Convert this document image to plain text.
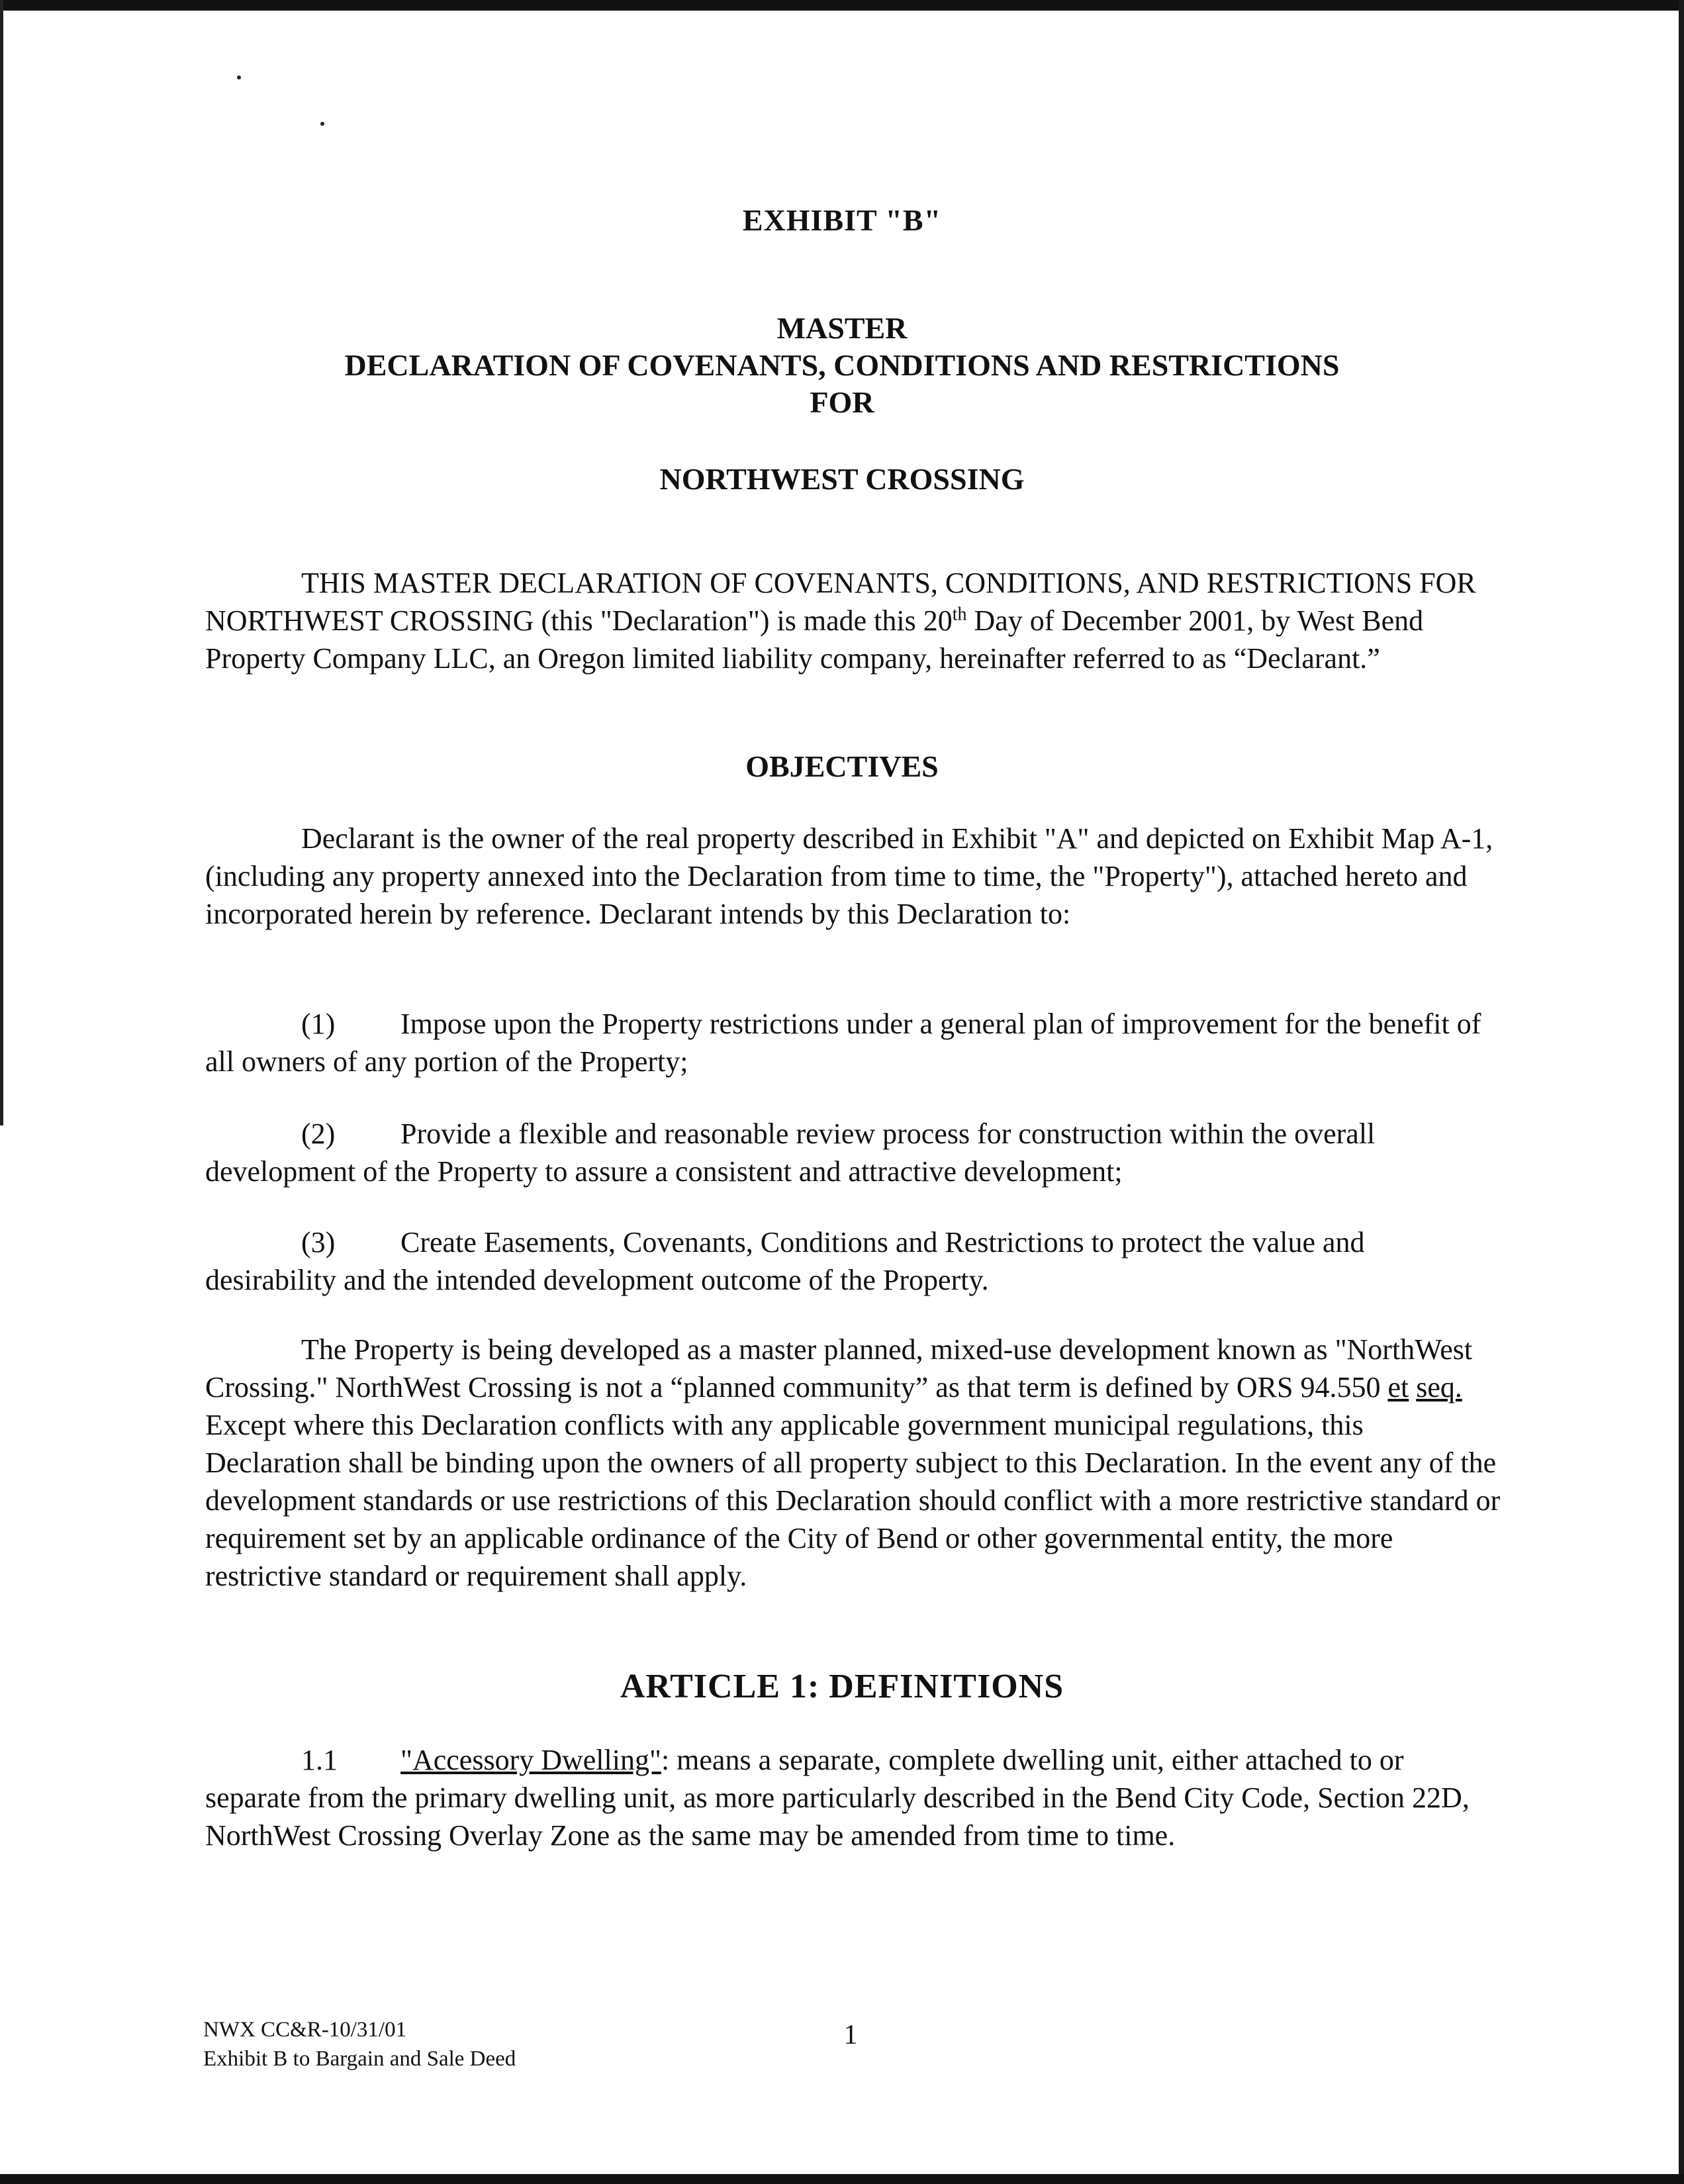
EXHIBIT "B"
MASTER
DECLARATION OF COVENANTS, CONDITIONS AND RESTRICTIONS
FOR
NORTHWEST CROSSING
THIS MASTER DECLARATION OF COVENANTS, CONDITIONS, AND RESTRICTIONS FOR NORTHWEST CROSSING (this "Declaration") is made this 20th Day of December 2001, by West Bend Property Company LLC, an Oregon limited liability company, hereinafter referred to as “Declarant.”
OBJECTIVES
Declarant is the owner of the real property described in Exhibit "A" and depicted on Exhibit Map A-1, (including any property annexed into the Declaration from time to time, the "Property"), attached hereto and incorporated herein by reference. Declarant intends by this Declaration to:
(1) Impose upon the Property restrictions under a general plan of improvement for the benefit of all owners of any portion of the Property;
(2) Provide a flexible and reasonable review process for construction within the overall development of the Property to assure a consistent and attractive development;
(3) Create Easements, Covenants, Conditions and Restrictions to protect the value and desirability and the intended development outcome of the Property.
The Property is being developed as a master planned, mixed-use development known as "NorthWest Crossing." NorthWest Crossing is not a “planned community” as that term is defined by ORS 94.550 et seq. Except where this Declaration conflicts with any applicable government municipal regulations, this Declaration shall be binding upon the owners of all property subject to this Declaration. In the event any of the development standards or use restrictions of this Declaration should conflict with a more restrictive standard or requirement set by an applicable ordinance of the City of Bend or other governmental entity, the more restrictive standard or requirement shall apply.
ARTICLE 1: DEFINITIONS
1.1 "Accessory Dwelling": means a separate, complete dwelling unit, either attached to or separate from the primary dwelling unit, as more particularly described in the Bend City Code, Section 22D, NorthWest Crossing Overlay Zone as the same may be amended from time to time.
NWX CC&R-10/31/01
Exhibit B to Bargain and Sale Deed
1
